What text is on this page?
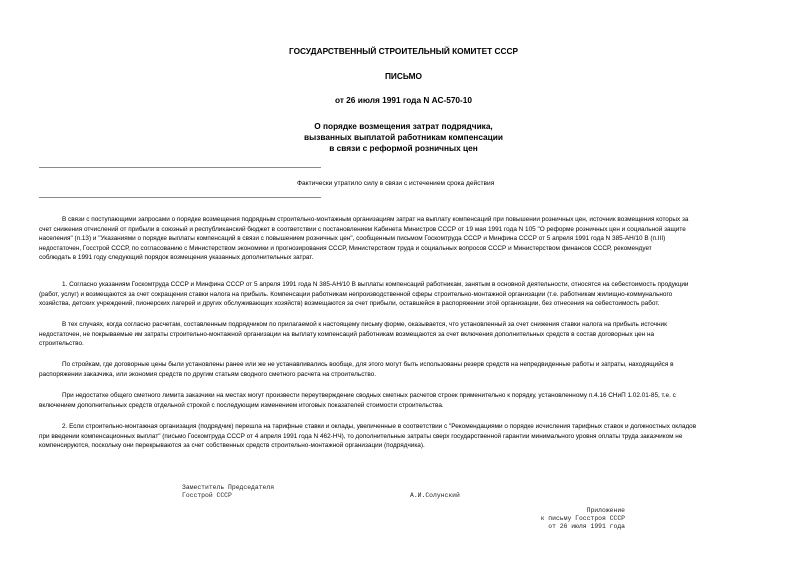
ГОСУДАРСТВЕННЫЙ СТРОИТЕЛЬНЫЙ КОМИТЕТ СССР
ПИСЬМО
от 26 июля 1991 года N АС-570-10
О порядке возмещения затрат подрядчика,
вызванных выплатой работникам компенсации
в связи с реформой розничных цен
Фактически утратило силу в связи с истечением срока действия
В связи с поступающими запросами о порядке возмещения подрядным строительно-монтажным организациям затрат на выплату компенсаций при повышении розничных цен, источник возмещения которых за
счет снижения отчислений от прибыли в союзный и республиканский бюджет в соответствии с постановлением Кабинета Министров СССР от 19 мая 1991 года N 105 "О реформе розничных цен и социальной защите
населения" (п.13) и "Указаниями о порядке выплаты компенсаций в связи с повышением розничных цен", сообщенным письмом Госкомтруда СССР и Минфина СССР от 5 апреля 1991 года N 385-АН/10 В (п.III)
недостаточен, Госстрой СССР, по согласованию с Министерством экономики и прогнозирования СССР, Министерством труда и социальных вопросов СССР и Министерством финансов СССР, рекомендует
соблюдать в 1991 году следующий порядок возмещения указанных дополнительных затрат.
1. Согласно указаниям Госкомтруда СССР и Минфина СССР от 5 апреля 1991 года N 385-АН/10 В выплаты компенсаций работникам, занятым в основной деятельности, относятся на себестоимость продукции
(работ, услуг) и возмещаются за счет сокращения ставки налога на прибыль. Компенсации работникам непроизводственной сферы строительно-монтажной организации (т.е. работникам жилищно-коммунального
хозяйства, детских учреждений, пионерских лагерей и других обслуживающих хозяйств) возмещаются за счет прибыли, оставшейся в распоряжении этой организации, без отнесения на себестоимость работ.
В тех случаях, когда согласно расчетам, составленным подрядчиком по прилагаемой к настоящему письму форме, оказывается, что установленный за счет снижения ставки налога на прибыль источник
недостаточен, не покрываемые им затраты строительно-монтажной организации на выплату компенсаций работникам возмещаются за счет включения дополнительных средств в состав договорных цен на
строительство.
По стройкам, где договорные цены были установлены ранее или же не устанавливались вообще, для этого могут быть использованы резерв средств на непредвиденные работы и затраты, находящийся в
распоряжении заказчика, или экономия средств по другим статьям сводного сметного расчета на строительство.
При недостатке общего сметного лимита заказчики на местах могут произвести переутверждение сводных сметных расчетов строек применительно к порядку, установленному п.4.16 СНиП 1.02.01-85, т.е. с
включением дополнительных средств отдельной строкой с последующим изменением итоговых показателей стоимости строительства.
2. Если строительно-монтажная организация (подрядчик) перешла на тарифные ставки и оклады, увеличенные в соответствии с "Рекомендациями о порядке исчисления тарифных ставок и должностных окладов
при введении компенсационных выплат" (письмо Госкомтруда СССР от 4 апреля 1991 года N 462-НЧ), то дополнительные затраты сверх государственной гарантии минимального уровня оплаты труда заказчиком не
компенсируются, поскольку они перекрываются за счет собственных средств строительно-монтажной организации (подрядчика).
Заместитель Председателя
Госстрой СССР	А.И.Солунский
Приложение
к письму Госстроя СССР
от 26 июля 1991 года
